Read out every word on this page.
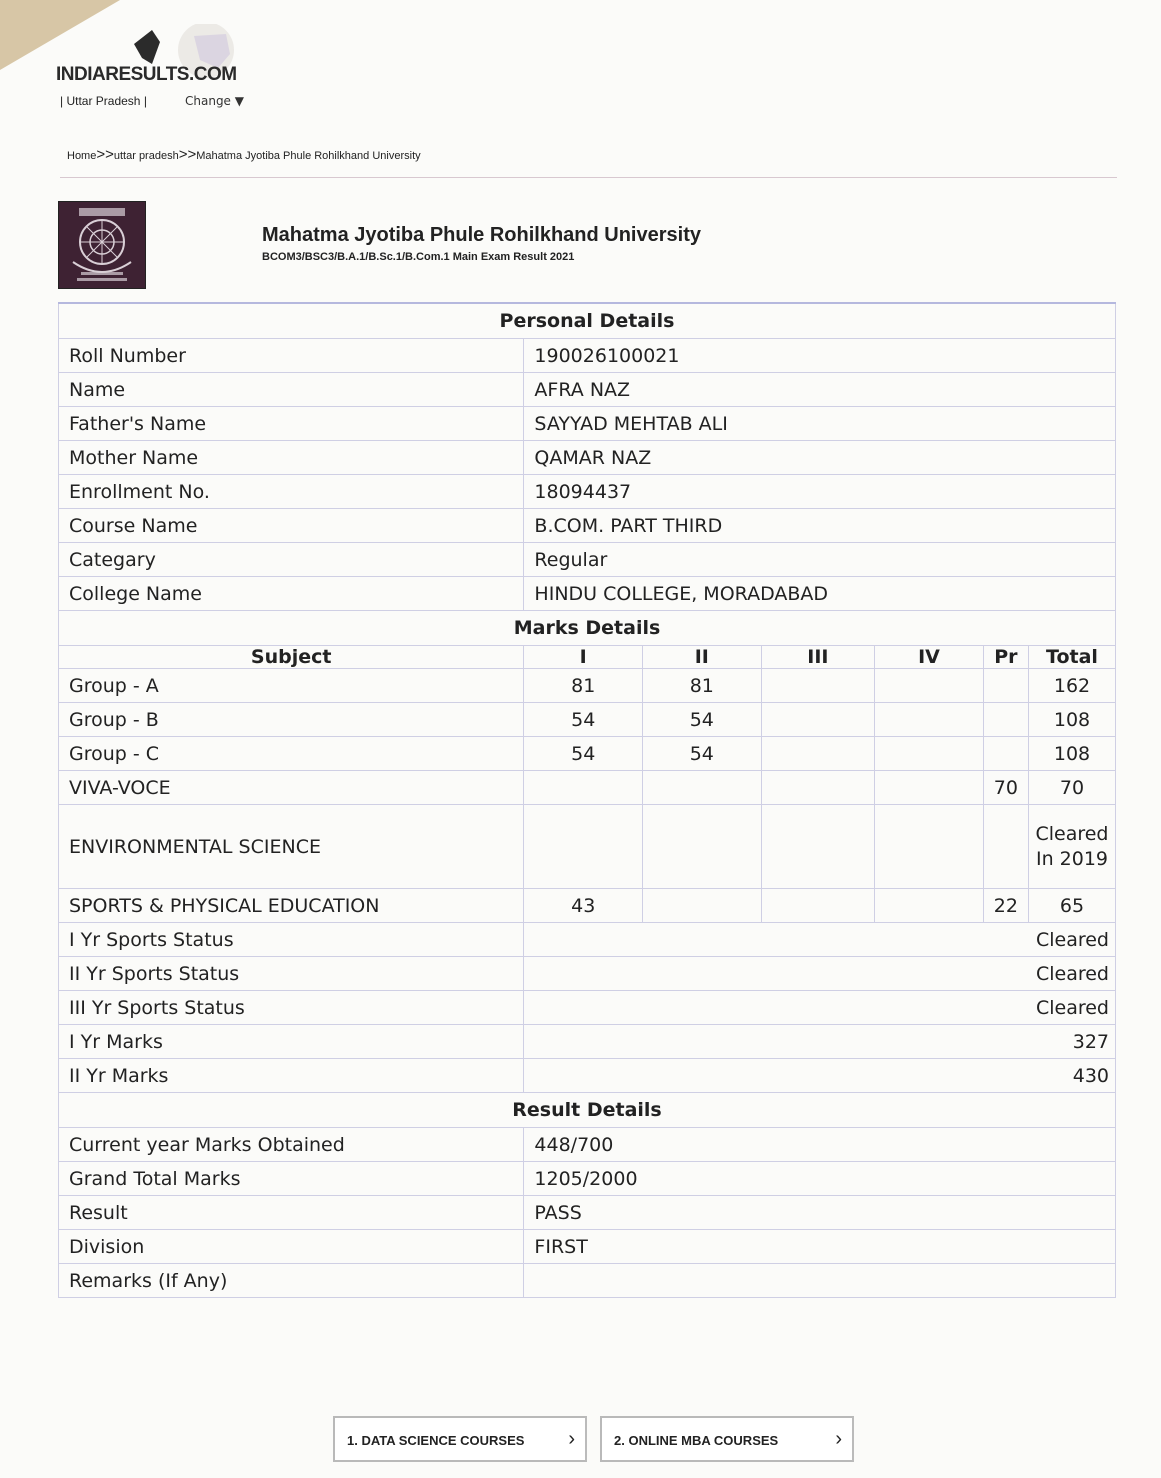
INDIARESULTS.COM
| Uttar Pradesh |	Change ▼
Home>>uttar pradesh>>Mahatma Jyotiba Phule Rohilkhand University
Mahatma Jyotiba Phule Rohilkhand University
BCOM3/BSC3/B.A.1/B.Sc.1/B.Com.1 Main Exam Result 2021
Personal Details						
Roll Number	190026100021					
Name	AFRA NAZ					
Father's Name	SAYYAD MEHTAB ALI					
Mother Name	QAMAR NAZ					
Enrollment No.	18094437					
Course Name	B.COM. PART THIRD					
Categary	Regular					
College Name	HINDU COLLEGE, MORADABAD					
Marks Details						
Subject	I	II	III	IV	Pr	Total
Group - A	81	81				162
Group - B	54	54				108
Group - C	54	54				108
VIVA-VOCE					70	70
ENVIRONMENTAL SCIENCE						Cleared In 2019
SPORTS & PHYSICAL EDUCATION	43				22	65
I Yr Sports Status	Cleared					
II Yr Sports Status	Cleared					
III Yr Sports Status	Cleared					
I Yr Marks	327					
II Yr Marks	430					
Result Details						
Current year Marks Obtained	448/700					
Grand Total Marks	1205/2000					
Result	PASS					
Division	FIRST					
Remarks (If Any)						
1. DATA SCIENCE COURSES ›	2. ONLINE MBA COURSES	›
